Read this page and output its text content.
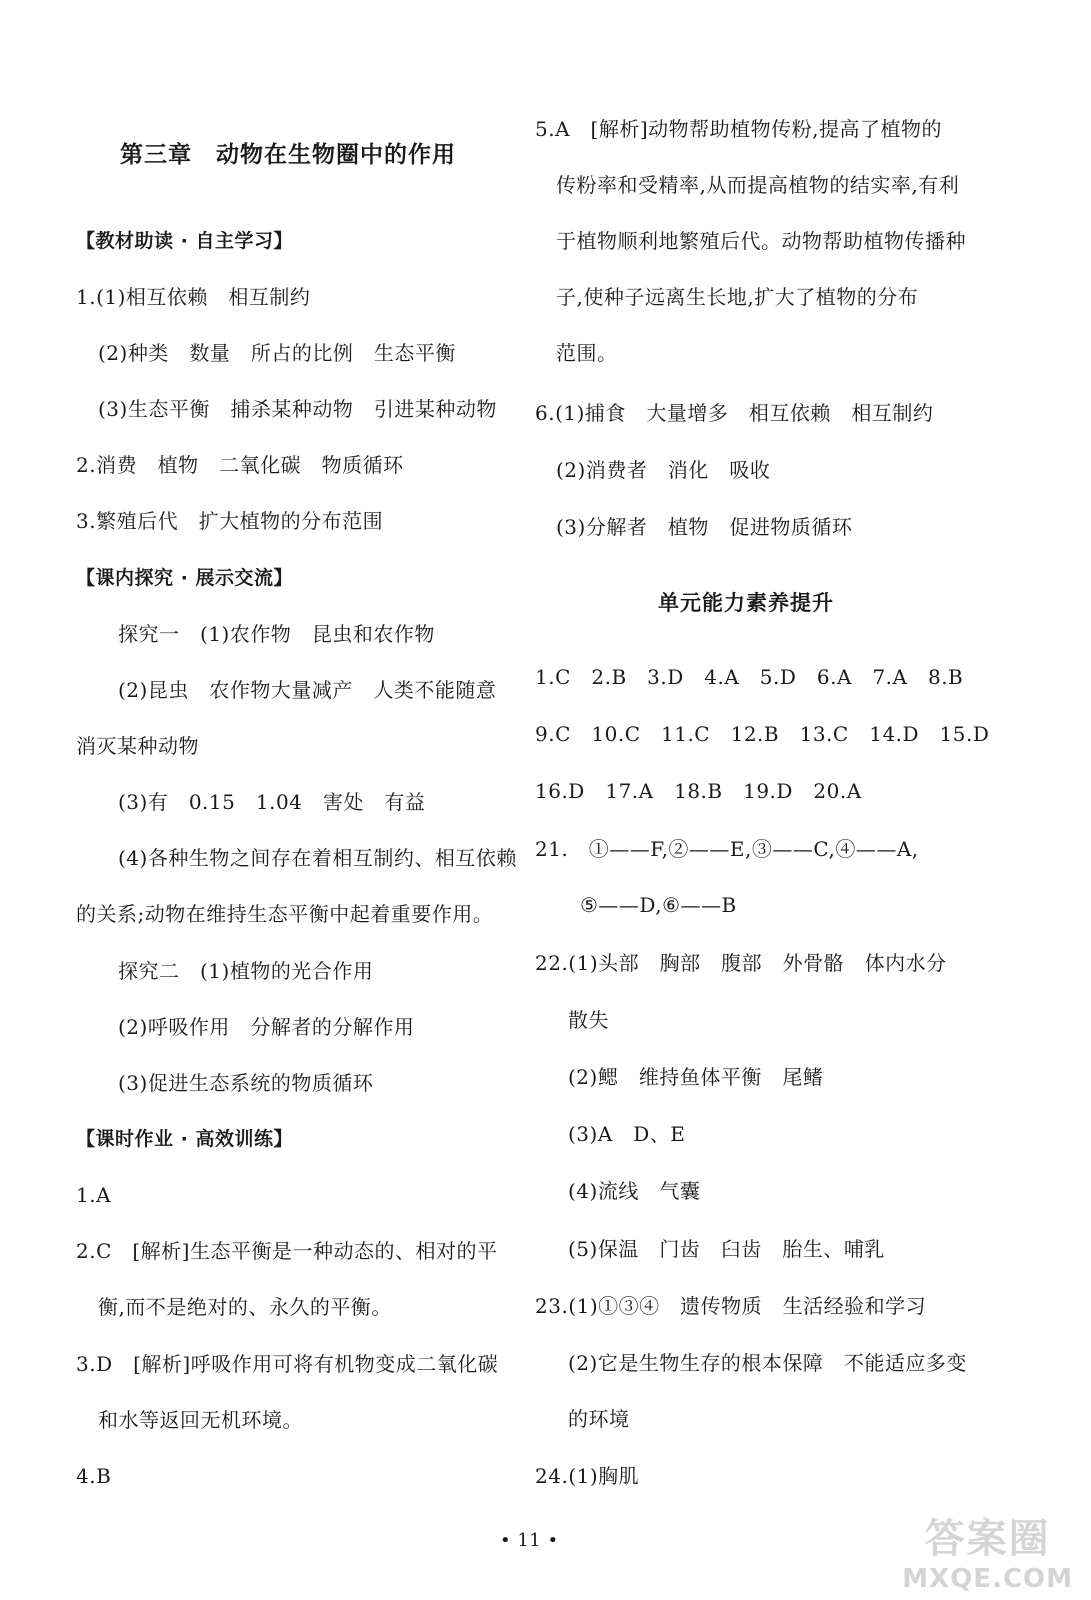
第三章　动物在生物圈中的作用
【教材助读 · 自主学习】
1.(1)相互依赖　相互制约
(2)种类　数量　所占的比例　生态平衡
(3)生态平衡　捕杀某种动物　引进某种动物
2.消费　植物　二氧化碳　物质循环
3.繁殖后代　扩大植物的分布范围
【课内探究 · 展示交流】
探究一　(1)农作物　昆虫和农作物
(2)昆虫　农作物大量减产　人类不能随意
消灭某种动物
(3)有　0.15　1.04　害处　有益
(4)各种生物之间存在着相互制约、相互依赖
的关系;动物在维持生态平衡中起着重要作用。
探究二　(1)植物的光合作用
(2)呼吸作用　分解者的分解作用
(3)促进生态系统的物质循环
【课时作业 · 高效训练】
1.A
2.C　[解析]生态平衡是一种动态的、相对的平
衡,而不是绝对的、永久的平衡。
3.D　[解析]呼吸作用可将有机物变成二氧化碳
和水等返回无机环境。
4.B
5.A　[解析]动物帮助植物传粉,提高了植物的
传粉率和受精率,从而提高植物的结实率,有利
于植物顺利地繁殖后代。动物帮助植物传播种
子,使种子远离生长地,扩大了植物的分布
范围。
6.(1)捕食　大量增多　相互依赖　相互制约
(2)消费者　消化　吸收
(3)分解者　植物　促进物质循环
单元能力素养提升
1.C　2.B　3.D　4.A　5.D　6.A　7.A　8.B
9.C　10.C　11.C　12.B　13.C　14.D　15.D
16.D　17.A　18.B　19.D　20.A
21.　①——F,②——E,③——C,④——A,
⑤——D,⑥——B
22.(1)头部　胸部　腹部　外骨骼　体内水分
散失
(2)鳃　维持鱼体平衡　尾鳍
(3)A　D、E
(4)流线　气囊
(5)保温　门齿　臼齿　胎生、哺乳
23.(1)①③④　遗传物质　生活经验和学习
(2)它是生物生存的根本保障　不能适应多变
的环境
24.(1)胸肌
• 11 •	答案圈
MXQE.COM
